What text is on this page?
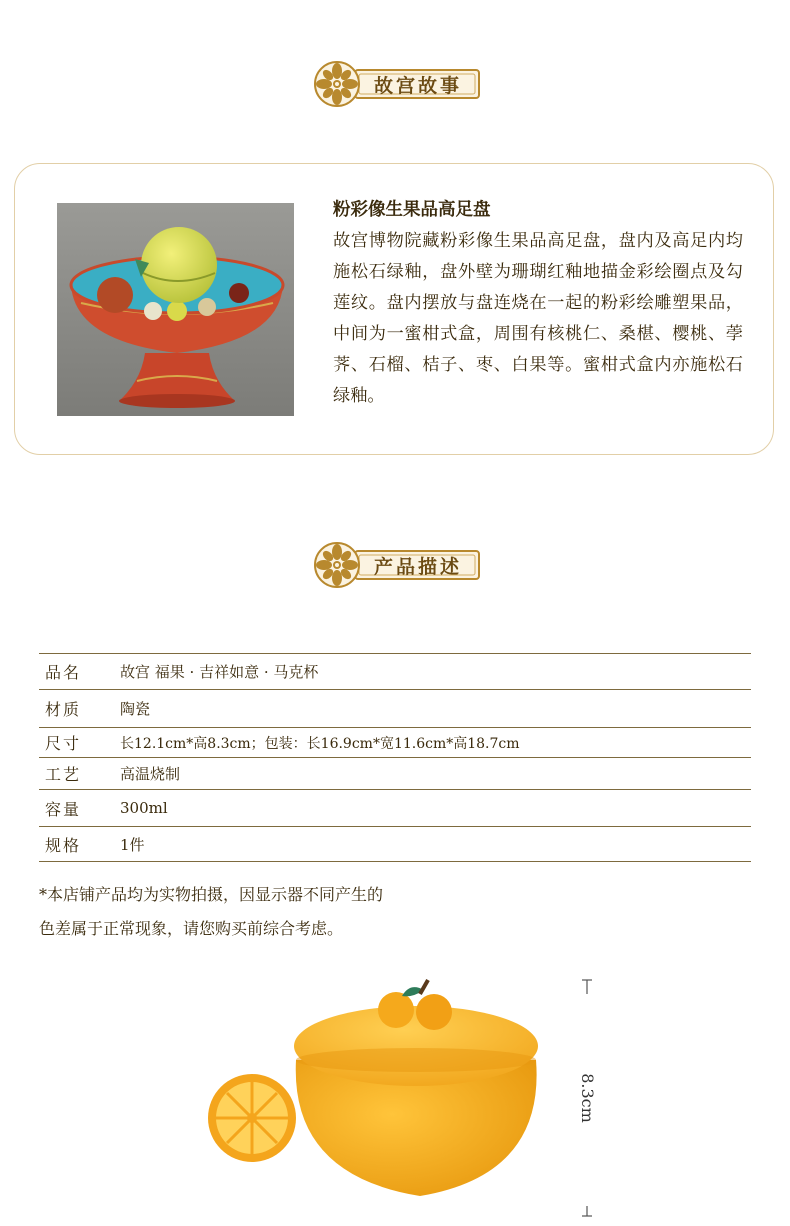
故宫故事
粉彩像生果品高足盘
故宫博物院藏粉彩像生果品高足盘，盘内及高足内均施松石绿釉，盘外壁为珊瑚红釉地描金彩绘圈点及勾莲纹。盘内摆放与盘连烧在一起的粉彩绘雕塑果品，中间为一蜜柑式盒，周围有核桃仁、桑椹、樱桃、荸荠、石榴、桔子、枣、白果等。蜜柑式盒内亦施松石绿釉。
产品描述
品名	故宫 福果 · 吉祥如意 · 马克杯
材质	陶瓷
尺寸	长12.1cm*高8.3cm；包装：长16.9cm*宽11.6cm*高18.7cm
工艺	高温烧制
容量	300ml
规格	1件
*本店铺产品均为实物拍摄，因显示器不同产生的
色差属于正常现象，请您购买前综合考虑。
8.3cm
